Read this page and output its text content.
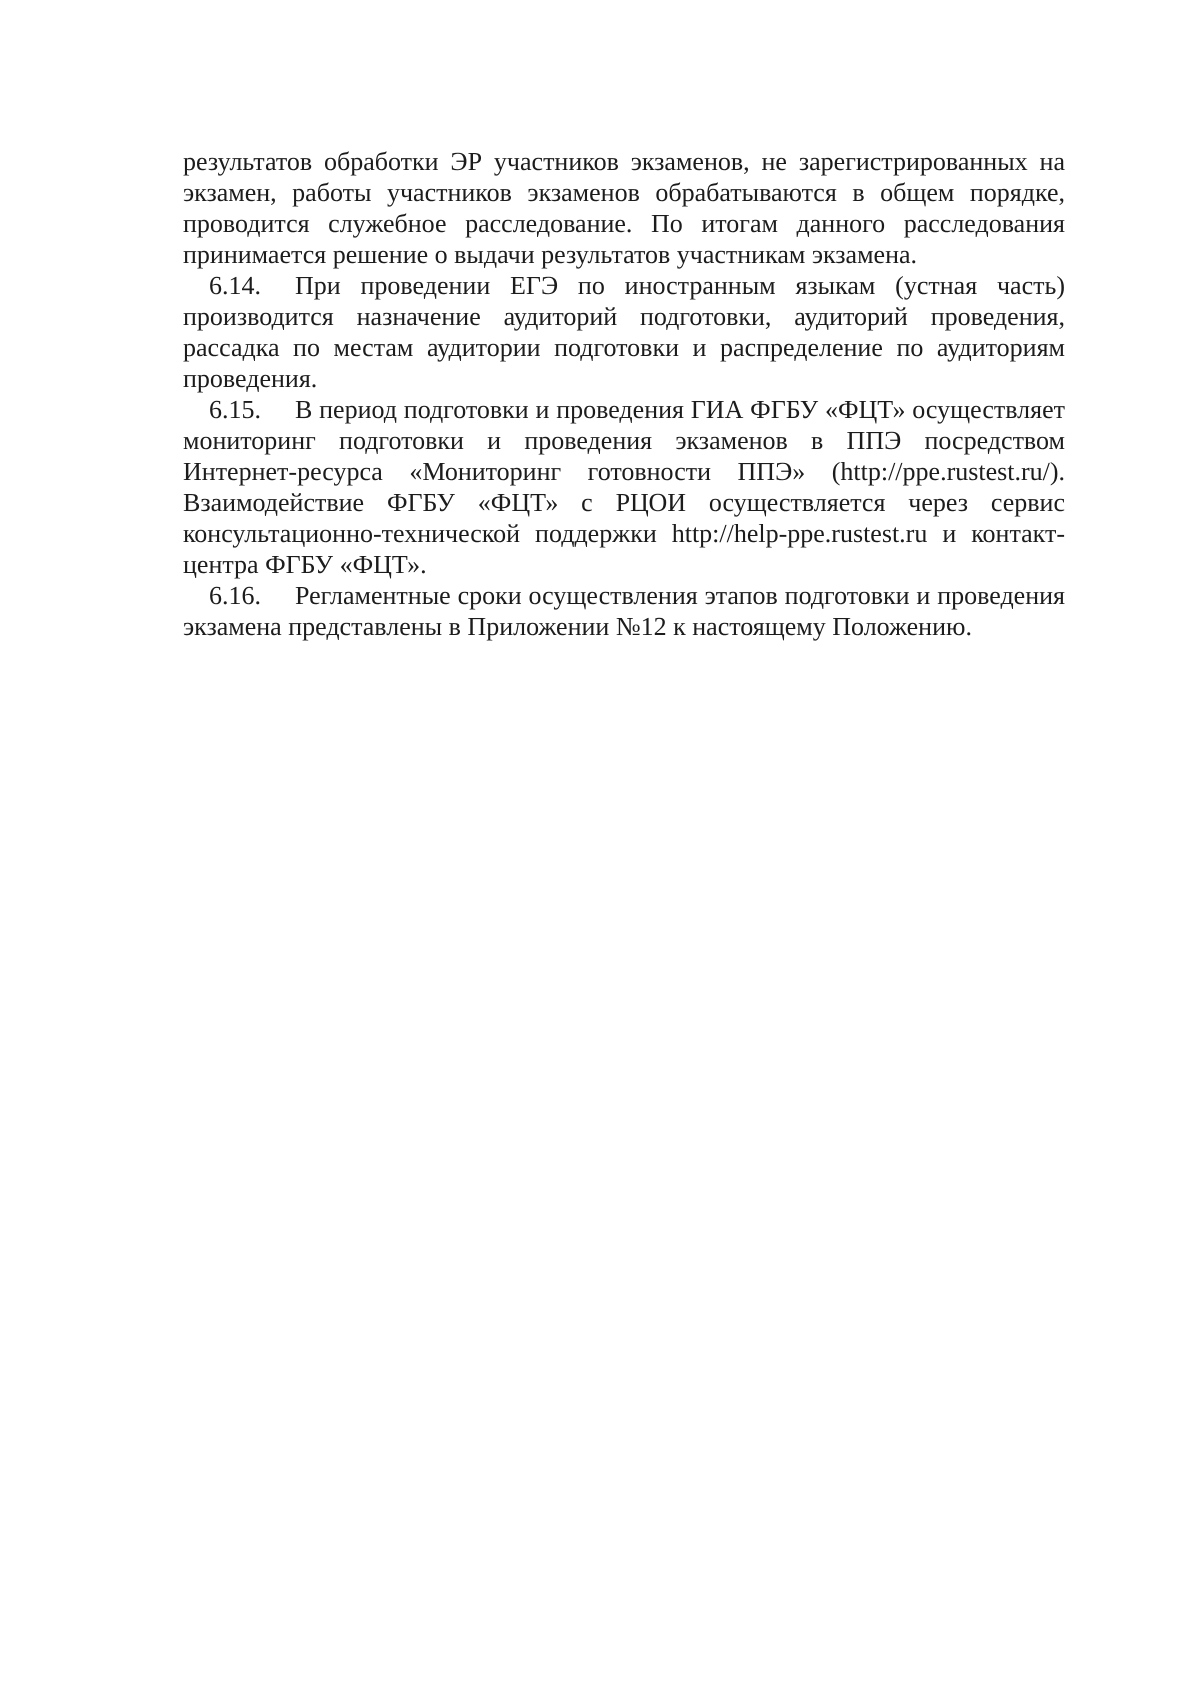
результатов обработки ЭР участников экзаменов, не зарегистрированных на экзамен, работы участников экзаменов обрабатываются в общем порядке, проводится служебное расследование. По итогам данного расследования принимается решение о выдачи результатов участникам экзамена.

6.14. При проведении ЕГЭ по иностранным языкам (устная часть) производится назначение аудиторий подготовки, аудиторий проведения, рассадка по местам аудитории подготовки и распределение по аудиториям проведения.

6.15. В период подготовки и проведения ГИА ФГБУ «ФЦТ» осуществляет мониторинг подготовки и проведения экзаменов в ППЭ посредством Интернет-ресурса «Мониторинг готовности ППЭ» (http://ppe.rustest.ru/). Взаимодействие ФГБУ «ФЦТ» с РЦОИ осуществляется через сервис консультационно-технической поддержки http://help-ppe.rustest.ru и контакт-центра ФГБУ «ФЦТ».

6.16. Регламентные сроки осуществления этапов подготовки и проведения экзамена представлены в Приложении №12 к настоящему Положению.
